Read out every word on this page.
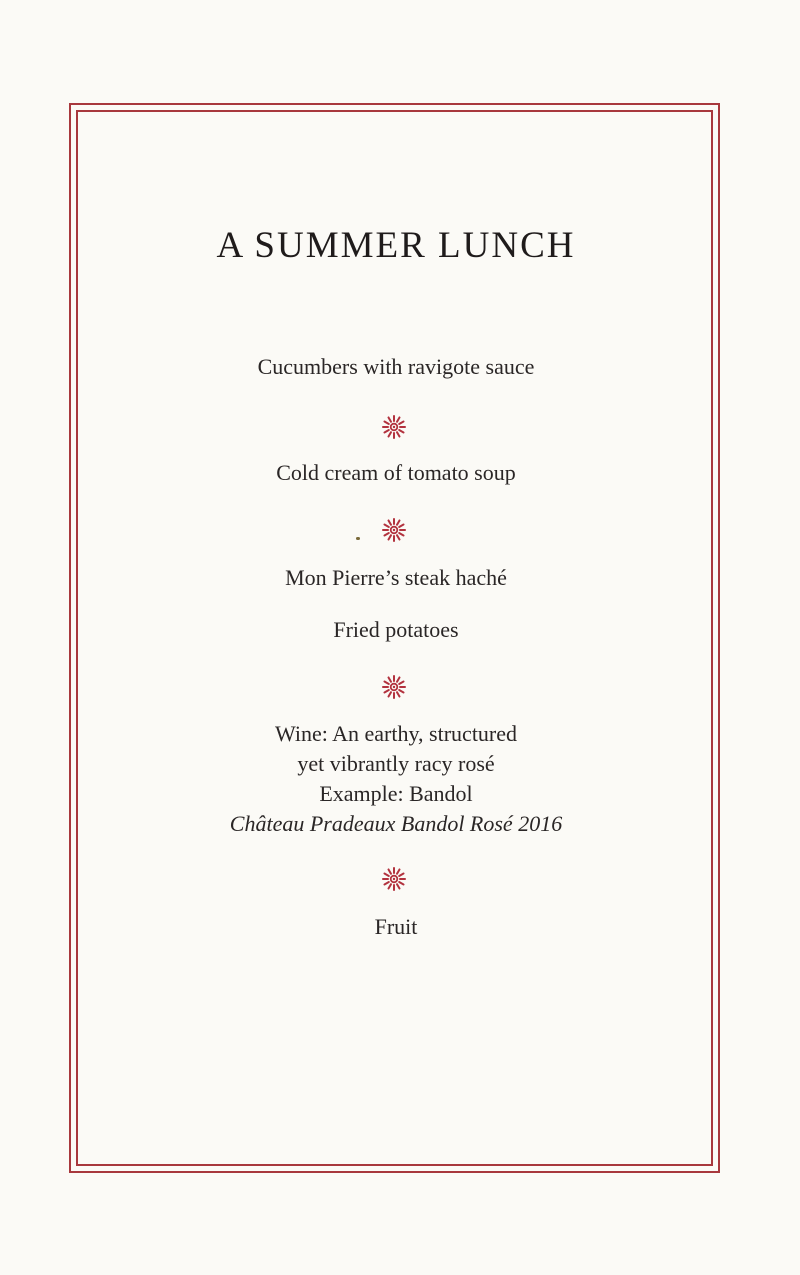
A SUMMER LUNCH
Cucumbers with ravigote sauce
Cold cream of tomato soup
Mon Pierre’s steak haché
Fried potatoes
Wine: An earthy, structured
yet vibrantly racy rosé
Example: Bandol
Château Pradeaux Bandol Rosé 2016
Fruit
